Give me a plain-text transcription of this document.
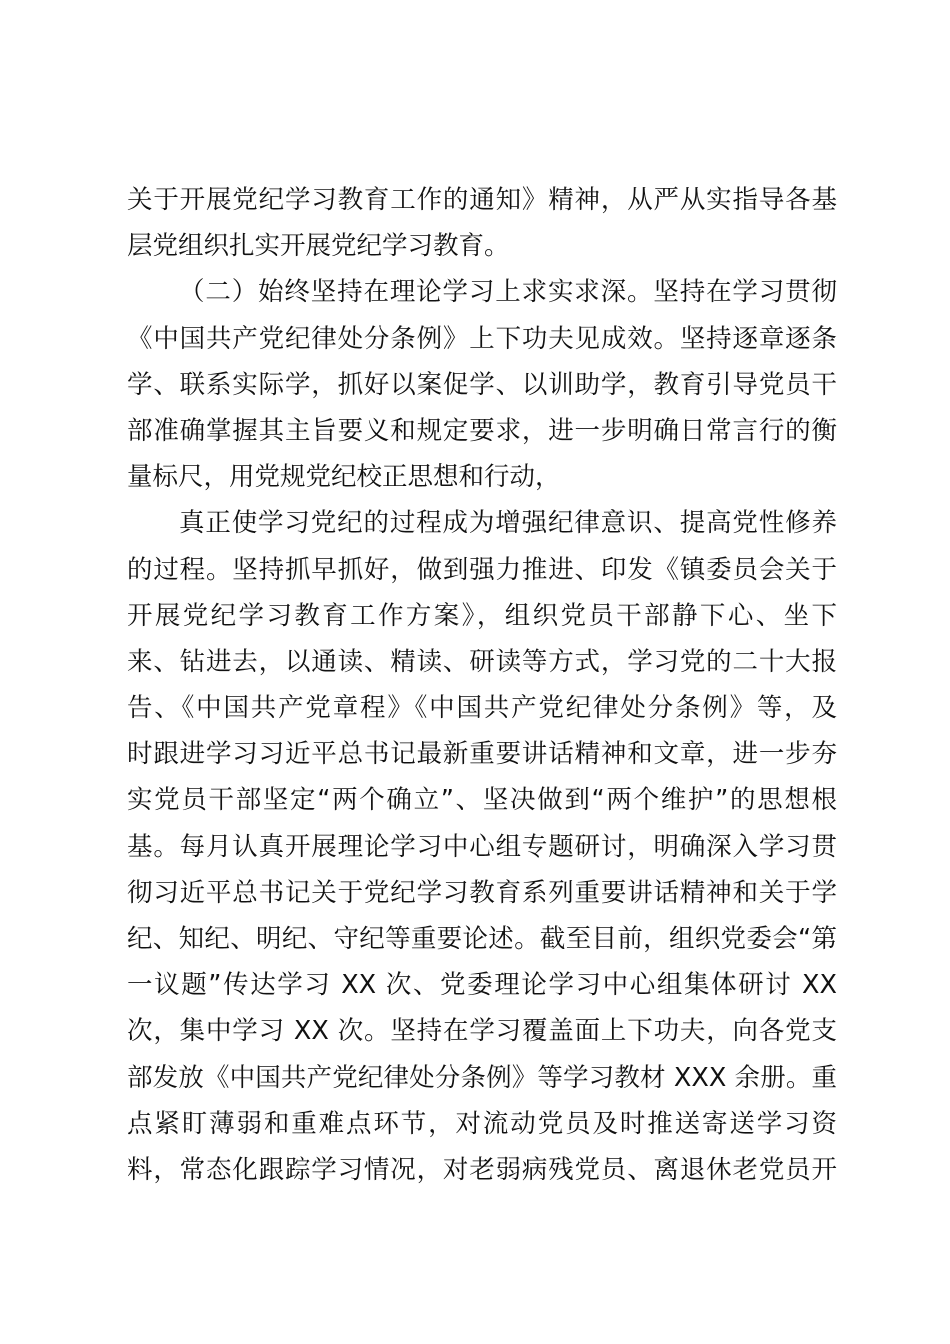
关于开展党纪学习教育工作的通知》精神，从严从实指导各基
层党组织扎实开展党纪学习教育。
（二）始终坚持在理论学习上求实求深。坚持在学习贯彻
《中国共产党纪律处分条例》上下功夫见成效。坚持逐章逐条
学、联系实际学，抓好以案促学、以训助学，教育引导党员干
部准确掌握其主旨要义和规定要求，进一步明确日常言行的衡
量标尺，用党规党纪校正思想和行动，
真正使学习党纪的过程成为增强纪律意识、提高党性修养
的过程。坚持抓早抓好，做到强力推进、印发《镇委员会关于
开展党纪学习教育工作方案》，组织党员干部静下心、坐下
来、钻进去，以通读、精读、研读等方式，学习党的二十大报
告、《中国共产党章程》《中国共产党纪律处分条例》等，及
时跟进学习习近平总书记最新重要讲话精神和文章，进一步夯
实党员干部坚定“两个确立”、坚决做到“两个维护”的思想根
基。每月认真开展理论学习中心组专题研讨，明确深入学习贯
彻习近平总书记关于党纪学习教育系列重要讲话精神和关于学
纪、知纪、明纪、守纪等重要论述。截至目前，组织党委会“第
一议题”传达学习 XX 次、党委理论学习中心组集体研讨 XX
次，集中学习 XX 次。坚持在学习覆盖面上下功夫，向各党支
部发放《中国共产党纪律处分条例》等学习教材 XXX 余册。重
点紧盯薄弱和重难点环节，对流动党员及时推送寄送学习资
料，常态化跟踪学习情况，对老弱病残党员、离退休老党员开
